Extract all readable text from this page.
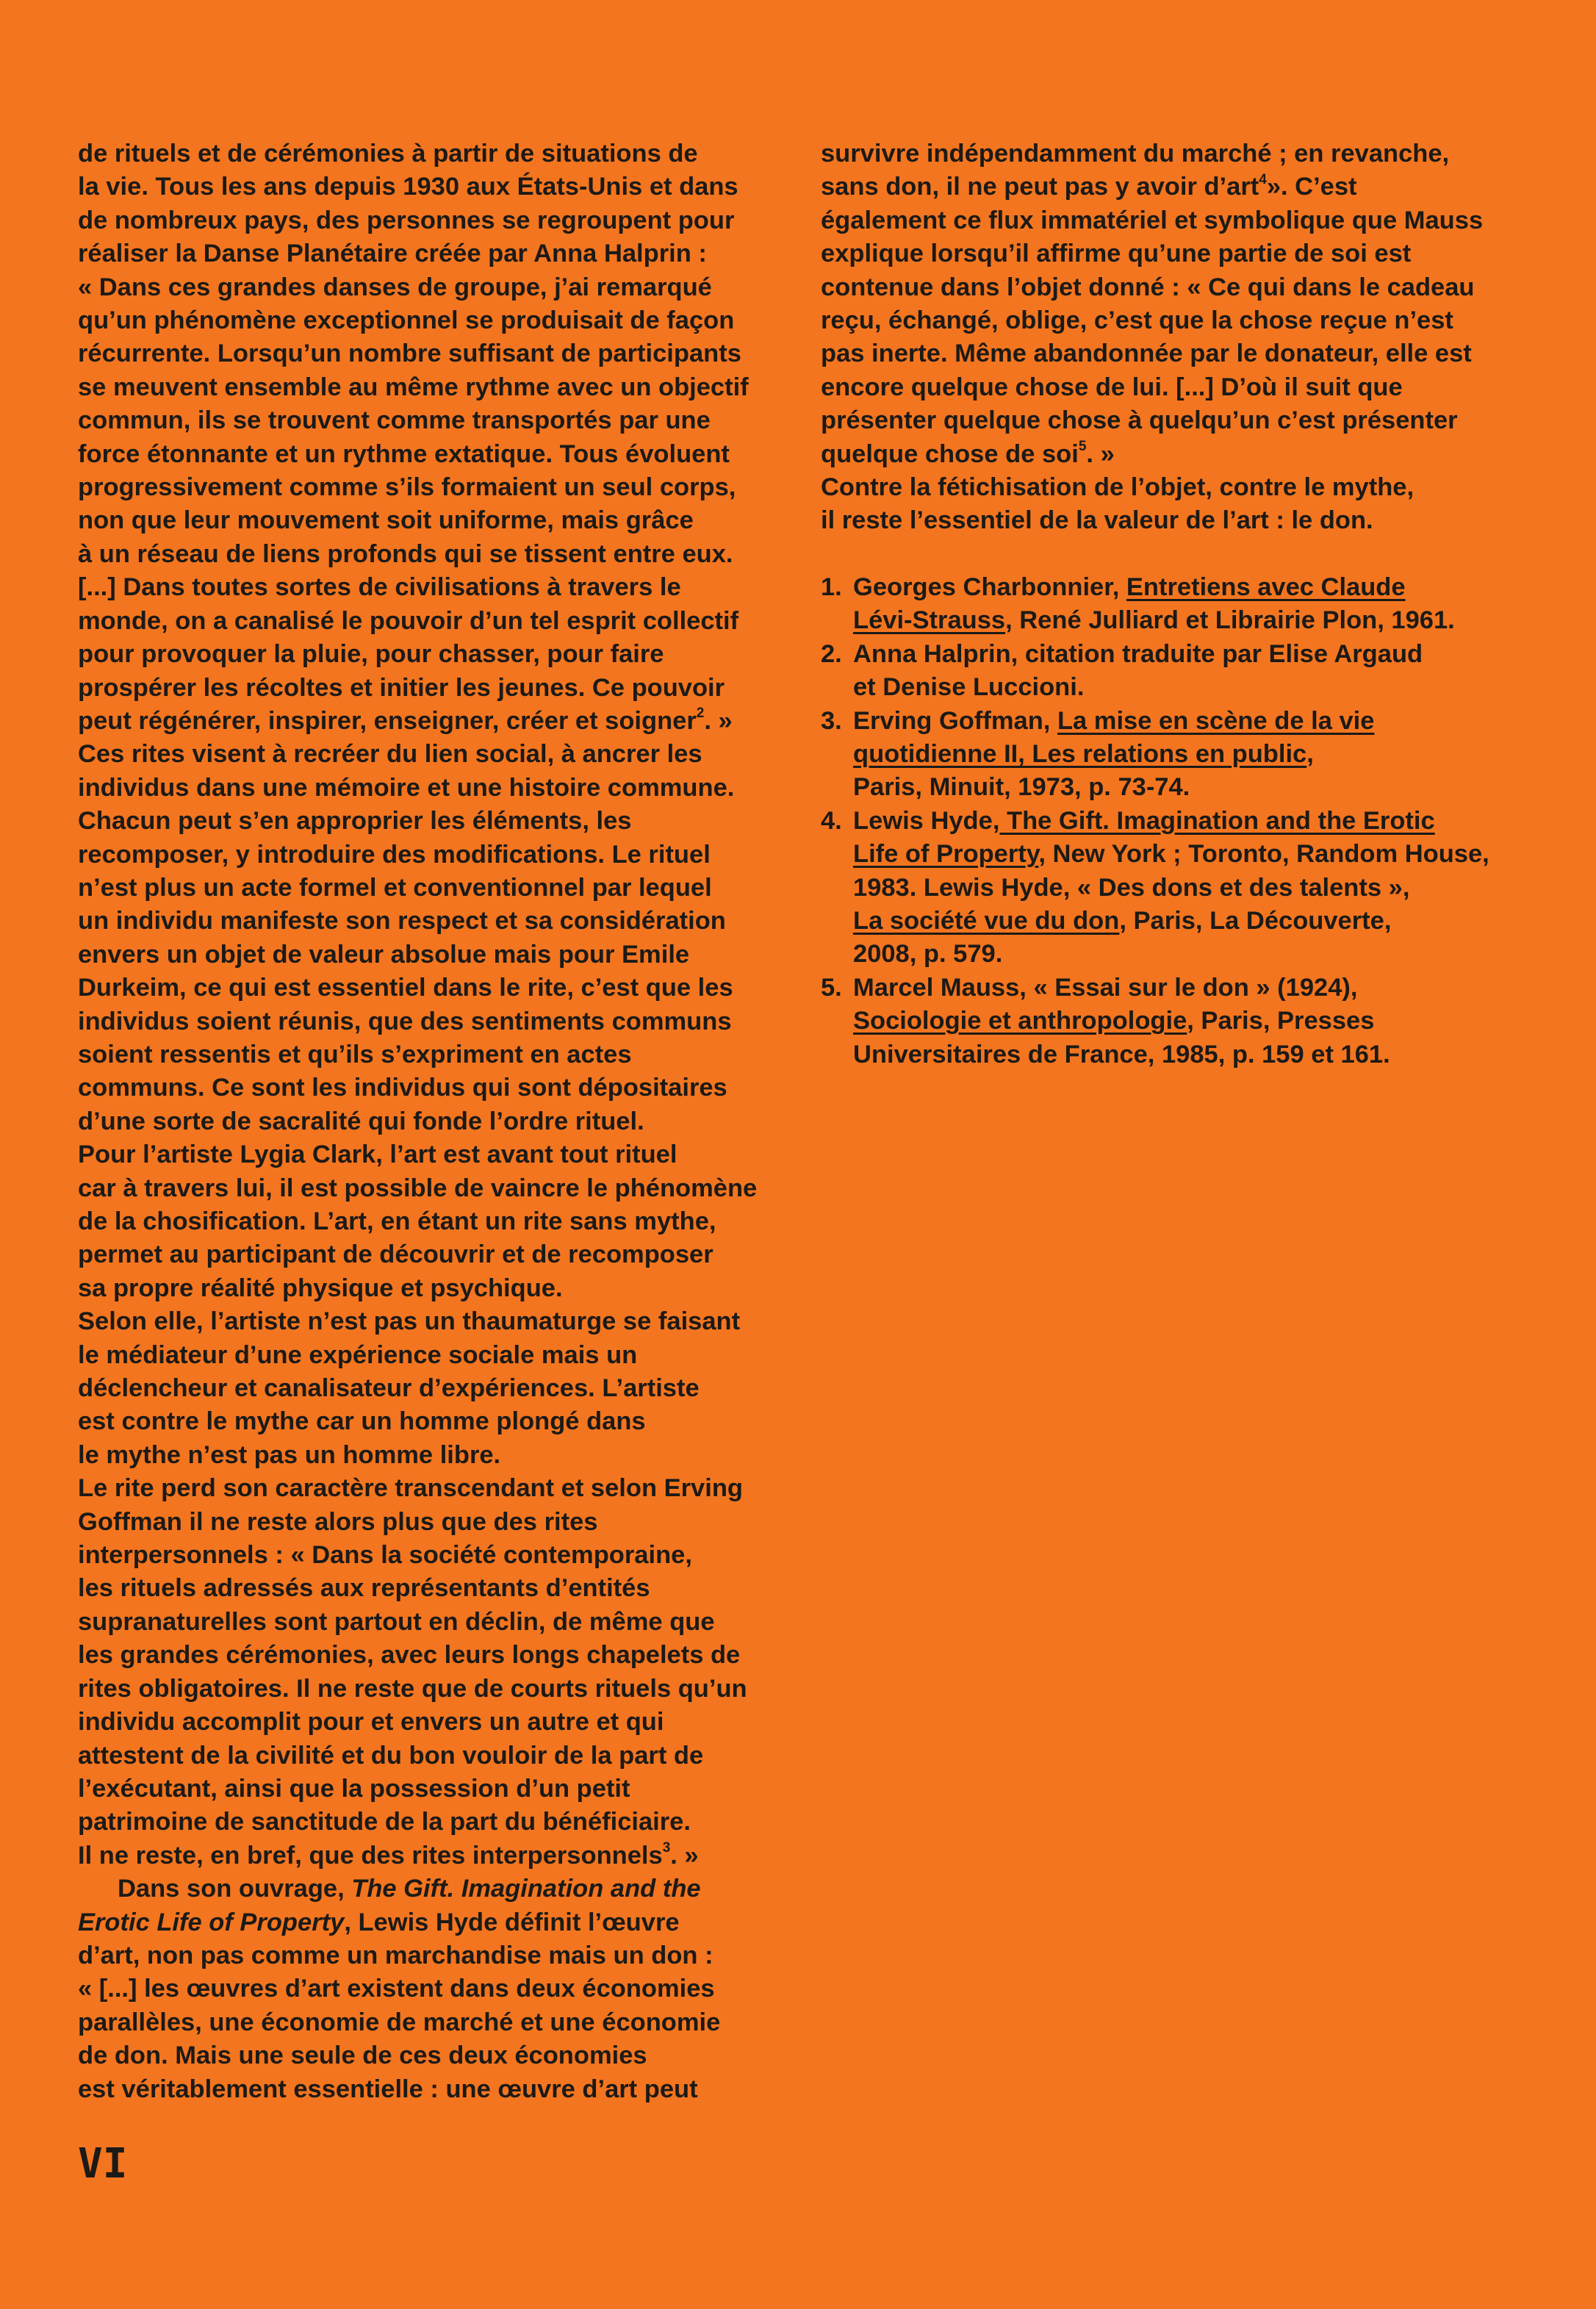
de rituels et de cérémonies à partir de situations de
la vie. Tous les ans depuis 1930 aux États-Unis et dans
de nombreux pays, des personnes se regroupent pour
réaliser la Danse Planétaire créée par Anna Halprin :
« Dans ces grandes danses de groupe, j’ai remarqué
qu’un phénomène exceptionnel se produisait de façon
récurrente. Lorsqu’un nombre suffisant de participants
se meuvent ensemble au même rythme avec un objectif
commun, ils se trouvent comme transportés par une
force étonnante et un rythme extatique. Tous évoluent
progressivement comme s’ils formaient un seul corps,
non que leur mouvement soit uniforme, mais grâce
à un réseau de liens profonds qui se tissent entre eux.
[...] Dans toutes sortes de civilisations à travers le
monde, on a canalisé le pouvoir d’un tel esprit collectif
pour provoquer la pluie, pour chasser, pour faire
prospérer les récoltes et initier les jeunes. Ce pouvoir
peut régénérer, inspirer, enseigner, créer et soigner$^2$. »
Ces rites visent à recréer du lien social, à ancrer les
individus dans une mémoire et une histoire commune.
Chacun peut s’en approprier les éléments, les
recomposer, y introduire des modifications. Le rituel
n’est plus un acte formel et conventionnel par lequel
un individu manifeste son respect et sa considération
envers un objet de valeur absolue mais pour Emile
Durkeim, ce qui est essentiel dans le rite, c’est que les
individus soient réunis, que des sentiments communs
soient ressentis et qu’ils s’expriment en actes
communs. Ce sont les individus qui sont dépositaires
d’une sorte de sacralité qui fonde l’ordre rituel.
Pour l’artiste Lygia Clark, l’art est avant tout rituel
car à travers lui, il est possible de vaincre le phénomène
de la chosification. L’art, en étant un rite sans mythe,
permet au participant de découvrir et de recomposer
sa propre réalité physique et psychique.
Selon elle, l’artiste n’est pas un thaumaturge se faisant
le médiateur d’une expérience sociale mais un
déclencheur et canalisateur d’expériences. L’artiste
est contre le mythe car un homme plongé dans
le mythe n’est pas un homme libre.
Le rite perd son caractère transcendant et selon Erving
Goffman il ne reste alors plus que des rites
interpersonnels : « Dans la société contemporaine,
les rituels adressés aux représentants d’entités
supranaturelles sont partout en déclin, de même que
les grandes cérémonies, avec leurs longs chapelets de
rites obligatoires. Il ne reste que de courts rituels qu’un
individu accomplit pour et envers un autre et qui
attestent de la civilité et du bon vouloir de la part de
l’exécutant, ainsi que la possession d’un petit
patrimoine de sanctitude de la part du bénéficiaire.
Il ne reste, en bref, que des rites interpersonnels$^3$. »
Dans son ouvrage, The Gift. Imagination and the
Erotic Life of Property, Lewis Hyde définit l’œuvre
d’art, non pas comme un marchandise mais un don :
« [...] les œuvres d’art existent dans deux économies
parallèles, une économie de marché et une économie
de don. Mais une seule de ces deux économies
est véritablement essentielle : une œuvre d’art peut
survivre indépendamment du marché ; en revanche,
sans don, il ne peut pas y avoir d’art$^4$». C’est
également ce flux immatériel et symbolique que Mauss
explique lorsqu’il affirme qu’une partie de soi est
contenue dans l’objet donné : « Ce qui dans le cadeau
reçu, échangé, oblige, c’est que la chose reçue n’est
pas inerte. Même abandonnée par le donateur, elle est
encore quelque chose de lui. [...] D’où il suit que
présenter quelque chose à quelqu’un c’est présenter
quelque chose de soi$^5$. »
Contre la fétichisation de l’objet, contre le mythe,
il reste l’essentiel de la valeur de l’art : le don.
1. Georges Charbonnier, Entretiens avec Claude
Lévi-Strauss, René Julliard et Librairie Plon, 1961.
2. Anna Halprin, citation traduite par Elise Argaud
et Denise Luccioni.
3. Erving Goffman, La mise en scène de la vie
quotidienne II, Les relations en public,
Paris, Minuit, 1973, p. 73-74.
4. Lewis Hyde, The Gift. Imagination and the Erotic
Life of Property, New York ; Toronto, Random House,
1983. Lewis Hyde, « Des dons et des talents »,
La société vue du don, Paris, La Découverte,
2008, p. 579.
5. Marcel Mauss, « Essai sur le don » (1924),
Sociologie et anthropologie, Paris, Presses
Universitaires de France, 1985, p. 159 et 161.
VI
